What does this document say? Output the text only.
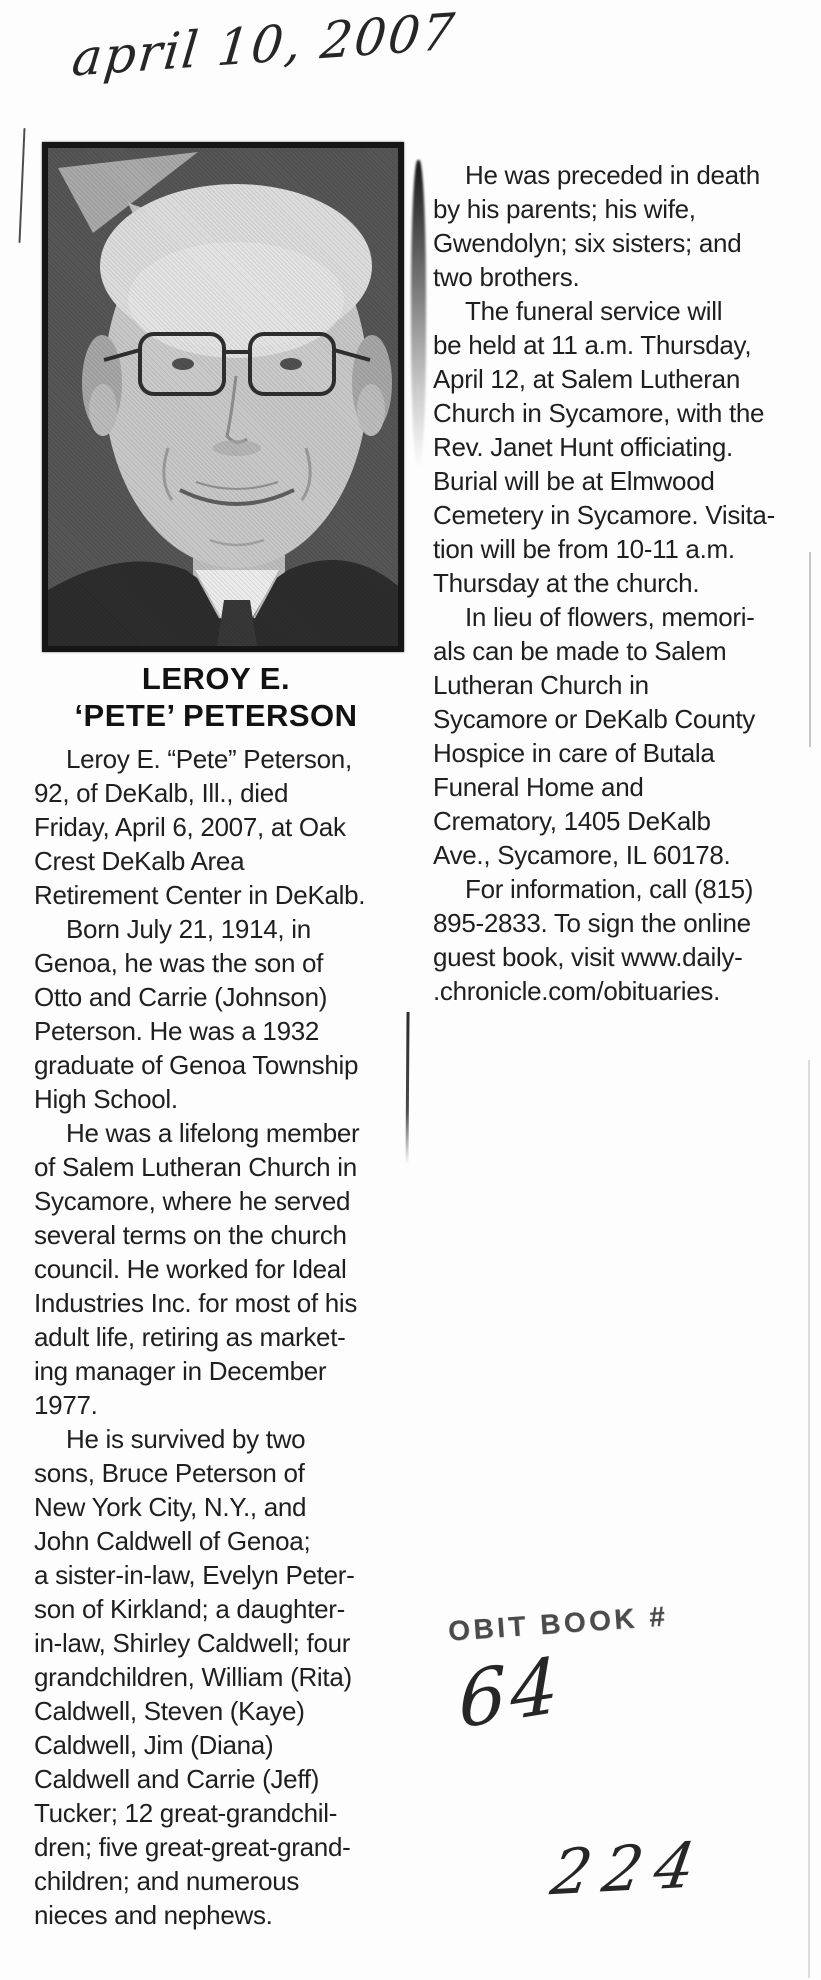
april 10, 2007
LEROY E.
‘PETE’ PETERSON
Leroy E. “Pete” Peterson,
92, of DeKalb, Ill., died
Friday, April 6, 2007, at Oak
Crest DeKalb Area
Retirement Center in DeKalb.
Born July 21, 1914, in
Genoa, he was the son of
Otto and Carrie (Johnson)
Peterson. He was a 1932
graduate of Genoa Township
High School.
He was a lifelong member
of Salem Lutheran Church in
Sycamore, where he served
several terms on the church
council. He worked for Ideal
Industries Inc. for most of his
adult life, retiring as market-
ing manager in December
1977.
He is survived by two
sons, Bruce Peterson of
New York City, N.Y., and
John Caldwell of Genoa;
a sister-in-law, Evelyn Peter-
son of Kirkland; a daughter-
in-law, Shirley Caldwell; four
grandchildren, William (Rita)
Caldwell, Steven (Kaye)
Caldwell, Jim (Diana)
Caldwell and Carrie (Jeff)
Tucker; 12 great-grandchil-
dren; five great-great-grand-
children; and numerous
nieces and nephews.
He was preceded in death
by his parents; his wife,
Gwendolyn; six sisters; and
two brothers.
The funeral service will
be held at 11 a.m. Thursday,
April 12, at Salem Lutheran
Church in Sycamore, with the
Rev. Janet Hunt officiating.
Burial will be at Elmwood
Cemetery in Sycamore. Visita-
tion will be from 10-11 a.m.
Thursday at the church.
In lieu of flowers, memori-
als can be made to Salem
Lutheran Church in
Sycamore or DeKalb County
Hospice in care of Butala
Funeral Home and
Crematory, 1405 DeKalb
Ave., Sycamore, IL 60178.
For information, call (815)
895-2833. To sign the online
guest book, visit www.daily-
.chronicle.com/obituaries.
OBIT BOOK #
64
224
